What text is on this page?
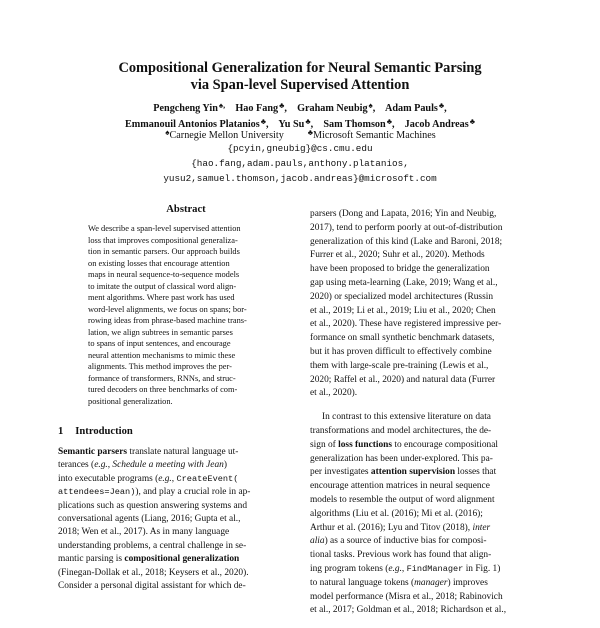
Compositional Generalization for Neural Semantic Parsing
via Span-level Supervised Attention
Pengcheng Yin♠, Hao Fang♣,    Graham Neubig♠,    Adam Pauls♣,
Emmanouil Antonios Platanios♣,    Yu Su♣,    Sam Thomson♣,    Jacob Andreas♣
♠Carnegie Mellon University	♣Microsoft Semantic Machines
{pcyin,gneubig}@cs.cmu.edu
{hao.fang,adam.pauls,anthony.platanios,
yusu2,samuel.thomson,jacob.andreas}@microsoft.com
Abstract
We describe a span-level supervised attention
loss that improves compositional generaliza-
tion in semantic parsers. Our approach builds
on existing losses that encourage attention
maps in neural sequence-to-sequence models
to imitate the output of classical word align-
ment algorithms. Where past work has used
word-level alignments, we focus on spans; bor-
rowing ideas from phrase-based machine trans-
lation, we align subtrees in semantic parses
to spans of input sentences, and encourage
neural attention mechanisms to mimic these
alignments. This method improves the per-
formance of transformers, RNNs, and struc-
tured decoders on three benchmarks of com-
positional generalization.
1 Introduction
Semantic parsers translate natural language ut-
terances (e.g., Schedule a meeting with Jean)
into executable programs (e.g., CreateEvent(
attendees=Jean)), and play a crucial role in ap-
plications such as question answering systems and
conversational agents (Liang, 2016; Gupta et al.,
2018; Wen et al., 2017). As in many language
understanding problems, a central challenge in se-
mantic parsing is compositional generalization
(Finegan-Dollak et al., 2018; Keysers et al., 2020).
Consider a personal digital assistant for which de-

parsers (Dong and Lapata, 2016; Yin and Neubig,
2017), tend to perform poorly at out-of-distribution
generalization of this kind (Lake and Baroni, 2018;
Furrer et al., 2020; Suhr et al., 2020). Methods
have been proposed to bridge the generalization
gap using meta-learning (Lake, 2019; Wang et al.,
2020) or specialized model architectures (Russin
et al., 2019; Li et al., 2019; Liu et al., 2020; Chen
et al., 2020). These have registered impressive per-
formance on small synthetic benchmark datasets,
but it has proven difficult to effectively combine
them with large-scale pre-training (Lewis et al.,
2020; Raffel et al., 2020) and natural data (Furrer
et al., 2020).

In contrast to this extensive literature on data
transformations and model architectures, the de-
sign of loss functions to encourage compositional
generalization has been under-explored. This pa-
per investigates attention supervision losses that
encourage attention matrices in neural sequence
models to resemble the output of word alignment
algorithms (Liu et al. (2016); Mi et al. (2016);
Arthur et al. (2016); Lyu and Titov (2018), inter
alia) as a source of inductive bias for composi-
tional tasks. Previous work has found that align-
ing program tokens (e.g., FindManager in Fig. 1)
to natural language tokens (manager) improves
model performance (Misra et al., 2018; Rabinovich
et al., 2017; Goldman et al., 2018; Richardson et al.,
